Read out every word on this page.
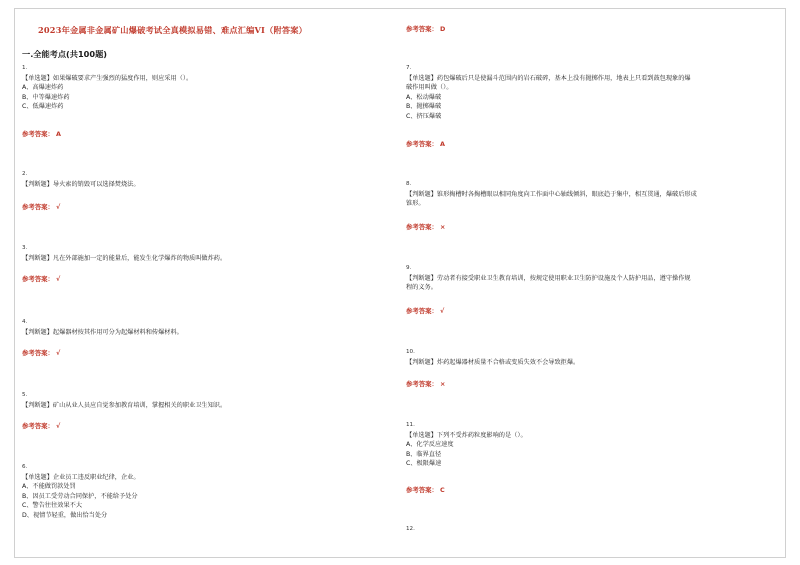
2023年金属非金属矿山爆破考试全真模拟易错、难点汇编VI（附答案）
一.全能考点(共100题)
1.
【单选题】如果爆破要求产生强烈的猛度作用，则应采用（）。
A、高爆速炸药
B、中等爆速炸药
C、低爆速炸药
参考答案： A
2.
【判断题】导火索的销毁可以选择焚烧法。
参考答案： √
3.
【判断题】凡在外部施加一定的能量后，能发生化学爆炸的物质叫做炸药。
参考答案： √
4.
【判断题】起爆器材按其作用可分为起爆材料和传爆材料。
参考答案： √
5.
【判断题】矿山从业人员应自觉参加教育培训，掌握相关的职业卫生知识。
参考答案： √
6.
【单选题】企业员工违反职业纪律，企业。
A、不能做罚款处罚
B、因员工受劳动合同保护，不能给予处分
C、警告往往效果不大
D、视情节轻重，做出恰当处分
参考答案： D
7.
【单选题】药包爆破后只是使漏斗范围内的岩石破碎，基本上没有抛掷作用，地表上只看到鼓包现象的爆
破作用叫做（）。
A、松动爆破
B、抛掷爆破
C、挤压爆破
参考答案： A
8.
【判断题】锥形掏槽时各掏槽眼以相同角度向工作面中心轴线倾斜，眼底趋于集中，相互贯通，爆破后形成
锥形。
参考答案： ×
9.
【判断题】劳动者有接受职业卫生教育培训，按规定使用职业卫生防护设施及个人防护用品，遵守操作规
程的义务。
参考答案： √
10.
【判断题】炸药起爆器材质量不合格或变质失效不会导致拒爆。
参考答案： ×
11.
【单选题】下列不受炸药粒度影响的是（）。
A、化学反应速度
B、临界直径
C、极限爆速
参考答案： C
12.
